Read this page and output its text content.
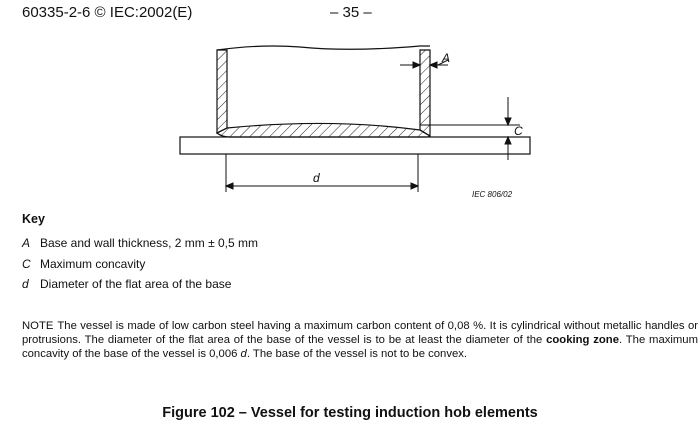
60335-2-6 © IEC:2002(E)	– 35 –
A
C
d
IEC 806/02
Key
A Base and wall thickness, 2 mm ± 0,5 mm
C Maximum concavity
d Diameter of the flat area of the base
NOTE The vessel is made of low carbon steel having a maximum carbon content of 0,08 %. It is cylindrical without metallic handles or protrusions. The diameter of the flat area of the base of the vessel is to be at least the diameter of the cooking zone. The maximum concavity of the base of the vessel is 0,006 d. The base of the vessel is not to be convex.
Figure 102 – Vessel for testing induction hob elements
